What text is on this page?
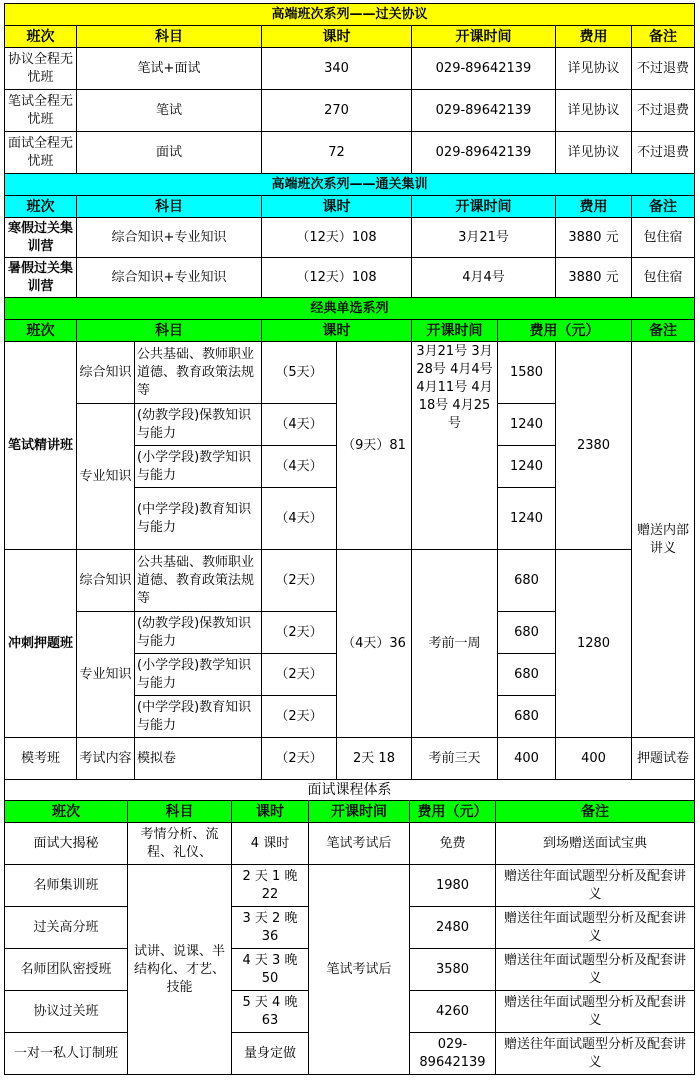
高端班次系列——过关协议								
班次	科目		课时		开课时间		费用	备注
协议全程无忧班	笔试+面试		340		029-89642139		详见协议	不过退费
笔试全程无忧班	笔试		270		029-89642139		详见协议	不过退费
面试全程无忧班	面试		72		029-89642139		详见协议	不过退费
高端班次系列——通关集训								
班次	科目		课时		开课时间		费用	备注
寒假过关集训营	综合知识+专业知识		（12天）108		3月21号		3880 元	包住宿
暑假过关集训营	综合知识+专业知识		（12天）108		4月4号		3880 元	包住宿
经典单选系列								
班次	科目		课时		开课时间	费用（元）		备注
笔试精讲班	综合知识	公共基础、教师职业道德、教育政策法规等	（5天）	（9天）81	3月21号 3月28号 4月4号 4月11号 4月18号 4月25号	1580	2380	赠送内部讲义
	专业知识	(幼教学段)保教知识与能力	（4天）			1240		
		(小学学段)教学知识与能力	（4天）			1240		
		(中学学段)教育知识与能力	（4天）			1240		
冲刺押题班	综合知识	公共基础、教师职业道德、教育政策法规等	（2天）	（4天）36	考前一周	680	1280	
	专业知识	(幼教学段)保教知识与能力	（2天）			680		
		(小学学段)教学知识与能力	（2天）			680		
		(中学学段)教育知识与能力	（2天）			680		
模考班	考试内容	模拟卷	（2天）	2天 18	考前三天	400	400	押题试卷
面试课程体系					
班次	科目	课时	开课时间	费用（元）	备注
面试大揭秘	考情分析、流程、礼仪、	4 课时	笔试考试后	免费	到场赠送面试宝典
名师集训班	试讲、说课、半结构化、才艺、技能	2 天 1 晚 22	笔试考试后	1980	赠送往年面试题型分析及配套讲义
过关高分班		3 天 2 晚 36		2480	赠送往年面试题型分析及配套讲义
名师团队密授班		4 天 3 晚 50		3580	赠送往年面试题型分析及配套讲义
协议过关班		5 天 4 晚 63		4260	赠送往年面试题型分析及配套讲义
一对一私人订制班		量身定做		029-89642139	赠送往年面试题型分析及配套讲义
